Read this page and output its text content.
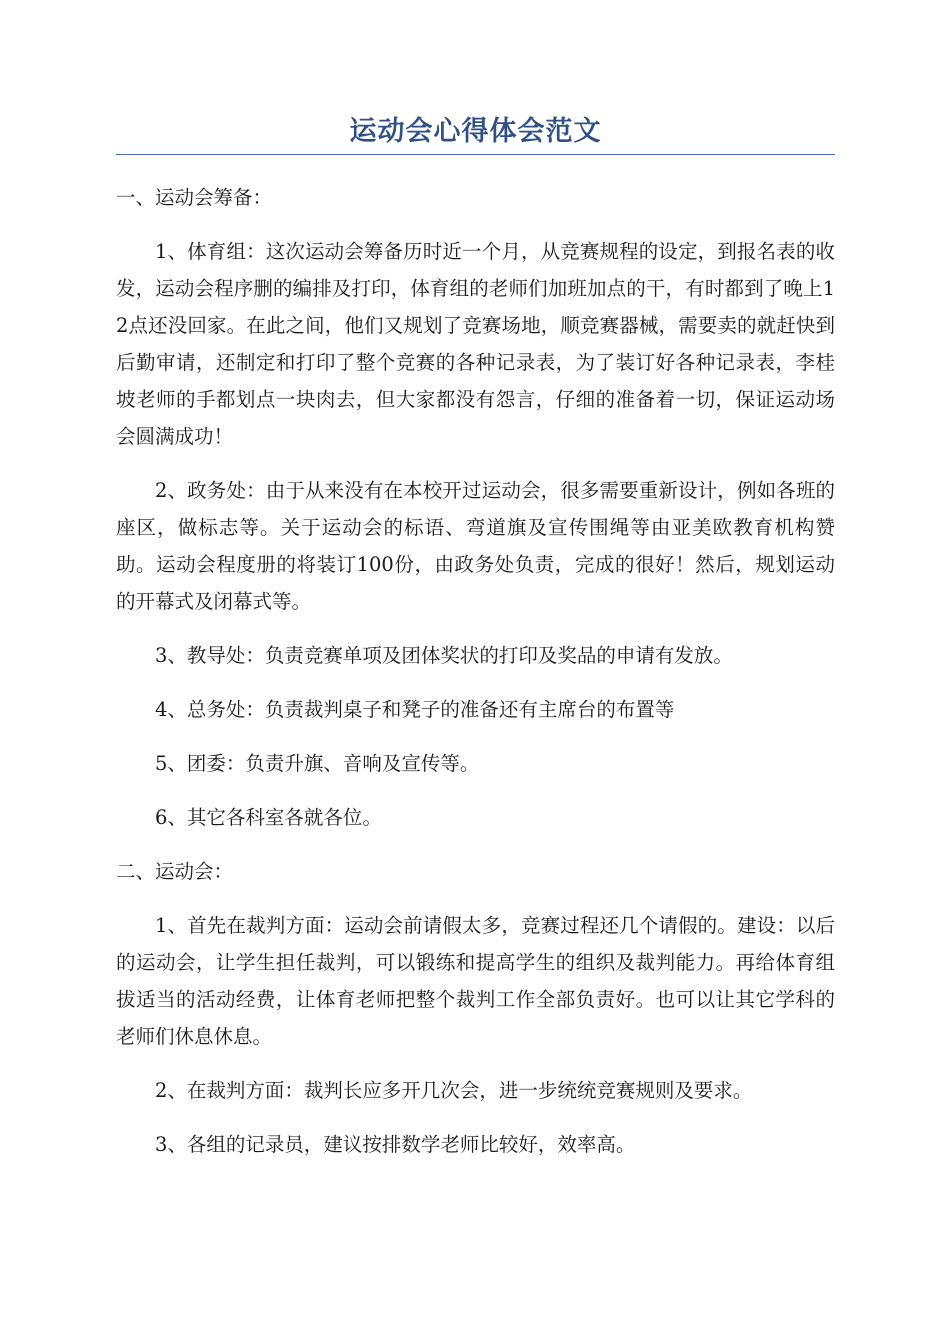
运动会心得体会范文

一、运动会筹备：

1、体育组：这次运动会筹备历时近一个月，从竞赛规程的设定，到报名表的收发，运动会程序删的编排及打印，体育组的老师们加班加点的干，有时都到了晚上12点还没回家。在此之间，他们又规划了竞赛场地，顺竞赛器械，需要卖的就赶快到后勤审请，还制定和打印了整个竞赛的各种记录表，为了装订好各种记录表，李桂坡老师的手都划点一块肉去，但大家都没有怨言，仔细的准备着一切，保证运动场会圆满成功！

2、政务处：由于从来没有在本校开过运动会，很多需要重新设计，例如各班的座区，做标志等。关于运动会的标语、弯道旗及宣传围绳等由亚美欧教育机构赞助。运动会程度册的将装订100份，由政务处负责，完成的很好！然后，规划运动的开幕式及闭幕式等。

3、教导处：负责竞赛单项及团体奖状的打印及奖品的申请有发放。

4、总务处：负责裁判桌子和凳子的准备还有主席台的布置等

5、团委：负责升旗、音响及宣传等。

6、其它各科室各就各位。

二、运动会：

1、首先在裁判方面：运动会前请假太多，竞赛过程还几个请假的。建设：以后的运动会，让学生担任裁判，可以锻练和提高学生的组织及裁判能力。再给体育组拔适当的活动经费，让体育老师把整个裁判工作全部负责好。也可以让其它学科的老师们休息休息。

2、在裁判方面：裁判长应多开几次会，进一步统统竞赛规则及要求。

3、各组的记录员，建议按排数学老师比较好，效率高。
